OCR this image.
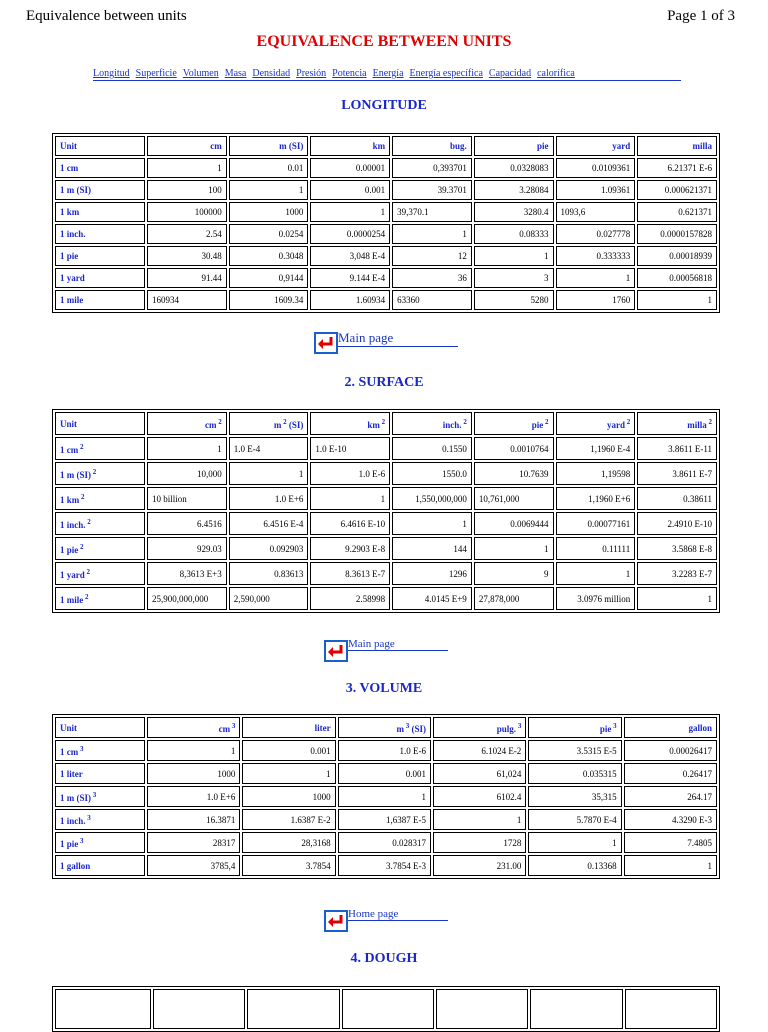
Equivalence between units	Page 1 of 3
EQUIVALENCE BETWEEN UNITS
Longitud Superficie Volumen Masa Densidad Presión Potencia Energía Energía específica Capacidad calorífica
LONGITUDE
Unit	cm	m (SI)	km	bug.	pie	yard	milla
1 cm	1	0.01	0.00001	0,393701	0.0328083	0.0109361	6.21371 E-6
1 m (SI)	100	1	0.001	39.3701	3.28084	1.09361	0.000621371
1 km	100000	1000	1	39,370.1	3280.4	1093,6	0.621371
1 inch.	2.54	0.0254	0.0000254	1	0.08333	0.027778	0.0000157828
1 pie	30.48	0.3048	3,048 E-4	12	1	0.333333	0.00018939
1 yard	91.44	0,9144	9.144 E-4	36	3	1	0.00056818
1 mile	160934	1609.34	1.60934	63360	5280	1760	1
Main page
2. SURFACE
Unit	cm $^2$	m $^2$ (SI)	km $^2$	inch. $^2$	pie $^2$	yard $^2$	milla $^2$
1 cm $^2$	1	1.0 E-4	1.0 E-10	0.1550	0.0010764	1,1960 E-4	3.8611 E-11
1 m (SI) $^2$	10,000	1	1.0 E-6	1550.0	10.7639	1,19598	3.8611 E-7
1 km $^2$	10 billion	1.0 E+6	1	1,550,000,000	10,761,000	1,1960 E+6	0.38611
1 inch. $^2$	6.4516	6.4516 E-4	6.4616 E-10	1	0.0069444	0.00077161	2.4910 E-10
1 pie $^2$	929.03	0.092903	9.2903 E-8	144	1	0.11111	3.5868 E-8
1 yard $^2$	8,3613 E+3	0.83613	8.3613 E-7	1296	9	1	3.2283 E-7
1 mile $^2$	25,900,000,000	2,590,000	2.58998	4.0145 E+9	27,878,000	3.0976 million	1
Main page
3. VOLUME
Unit	cm $^3$	liter	m $^3$ (SI)	pulg. $^3$	pie $^3$	gallon
1 cm $^3$	1	0.001	1.0 E-6	6.1024 E-2	3.5315 E-5	0.00026417
1 liter	1000	1	0.001	61,024	0.035315	0.26417
1 m (SI) $^3$	1.0 E+6	1000	1	6102.4	35,315	264.17
1 inch. $^3$	16.3871	1.6387 E-2	1,6387 E-5	1	5.7870 E-4	4.3290 E-3
1 pie $^3$	28317	28,3168	0.028317	1728	1	7.4805
1 gallon	3785,4	3.7854	3.7854 E-3	231.00	0.13368	1
Home page
4. DOUGH
